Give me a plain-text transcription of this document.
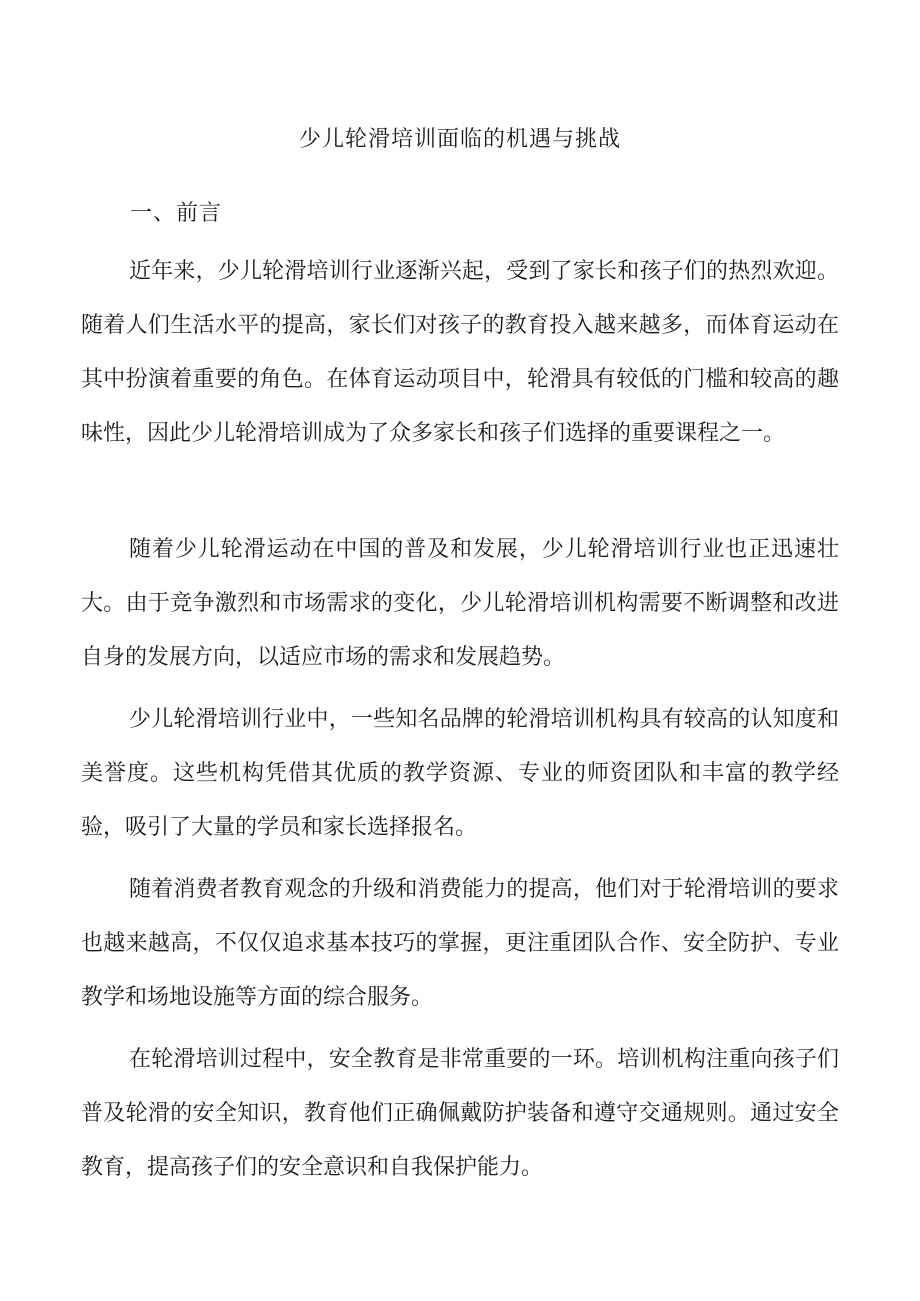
少儿轮滑培训面临的机遇与挑战
一、前言

近年来，少儿轮滑培训行业逐渐兴起，受到了家长和孩子们的热烈欢迎。随着人们生活水平的提高，家长们对孩子的教育投入越来越多，而体育运动在其中扮演着重要的角色。在体育运动项目中，轮滑具有较低的门槛和较高的趣味性，因此少儿轮滑培训成为了众多家长和孩子们选择的重要课程之一。

随着少儿轮滑运动在中国的普及和发展，少儿轮滑培训行业也正迅速壮大。由于竞争激烈和市场需求的变化，少儿轮滑培训机构需要不断调整和改进自身的发展方向，以适应市场的需求和发展趋势。

少儿轮滑培训行业中，一些知名品牌的轮滑培训机构具有较高的认知度和美誉度。这些机构凭借其优质的教学资源、专业的师资团队和丰富的教学经验，吸引了大量的学员和家长选择报名。

随着消费者教育观念的升级和消费能力的提高，他们对于轮滑培训的要求也越来越高，不仅仅追求基本技巧的掌握，更注重团队合作、安全防护、专业教学和场地设施等方面的综合服务。

在轮滑培训过程中，安全教育是非常重要的一环。培训机构注重向孩子们普及轮滑的安全知识，教育他们正确佩戴防护装备和遵守交通规则。通过安全教育，提高孩子们的安全意识和自我保护能力。
